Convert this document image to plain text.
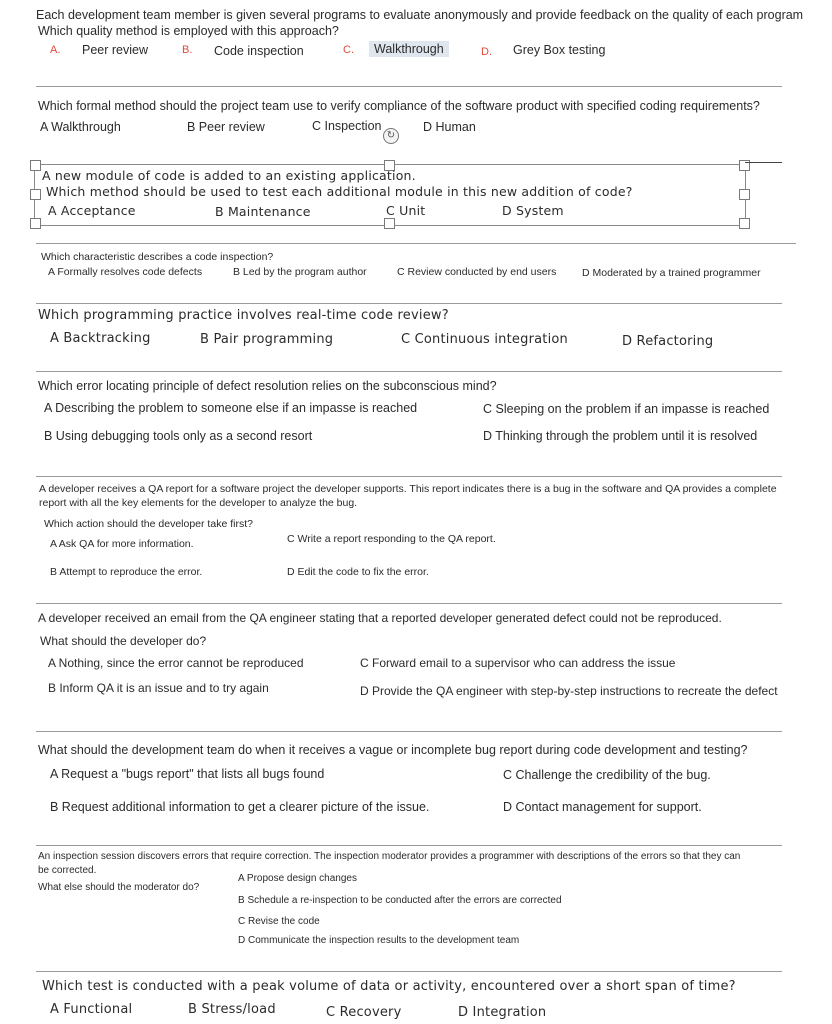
Each development team member is given several programs to evaluate anonymously and provide feedback on the quality of each program
Which quality method is employed with this approach?
A. Peer review	B. Code inspection	C.	Walkthrough	D. Grey Box testing
Which formal method should the project team use to verify compliance of the software product with specified coding requirements?
A Walkthrough	B Peer review	C Inspection	D Human
↻
A new module of code is added to an existing application.
Which method should be used to test each additional module in this new addition of code?
A Acceptance	B Maintenance	C Unit	D System
Which characteristic describes a code inspection?
A Formally resolves code defects	B Led by the program author	C Review conducted by end users D Moderated by a trained programmer
Which programming practice involves real-time code review?
A Backtracking	B Pair programming	C Continuous integration	D Refactoring
Which error locating principle of defect resolution relies on the subconscious mind?
A Describing the problem to someone else if an impasse is reached
B Using debugging tools only as a second resort
C Sleeping on the problem if an impasse is reached
D Thinking through the problem until it is resolved
A developer receives a QA report for a software project the developer supports. This report indicates there is a bug in the software and QA provides a complete
report with all the key elements for the developer to analyze the bug.
Which action should the developer take first?
A Ask QA for more information.
B Attempt to reproduce the error.
C Write a report responding to the QA report.
D Edit the code to fix the error.
A developer received an email from the QA engineer stating that a reported developer generated defect could not be reproduced.
What should the developer do?
A Nothing, since the error cannot be reproduced
B Inform QA it is an issue and to try again
C Forward email to a supervisor who can address the issue
D Provide the QA engineer with step-by-step instructions to recreate the defect
What should the development team do when it receives a vague or incomplete bug report during code development and testing?
A Request a "bugs report" that lists all bugs found
B Request additional information to get a clearer picture of the issue.
C Challenge the credibility of the bug.
D Contact management for support.
An inspection session discovers errors that require correction. The inspection moderator provides a programmer with descriptions of the errors so that they can
be corrected.
What else should the moderator do?
A Propose design changes
B Schedule a re-inspection to be conducted after the errors are corrected
C Revise the code
D Communicate the inspection results to the development team
Which test is conducted with a peak volume of data or activity, encountered over a short span of time?
A Functional	B Stress/load	C Recovery	D Integration
